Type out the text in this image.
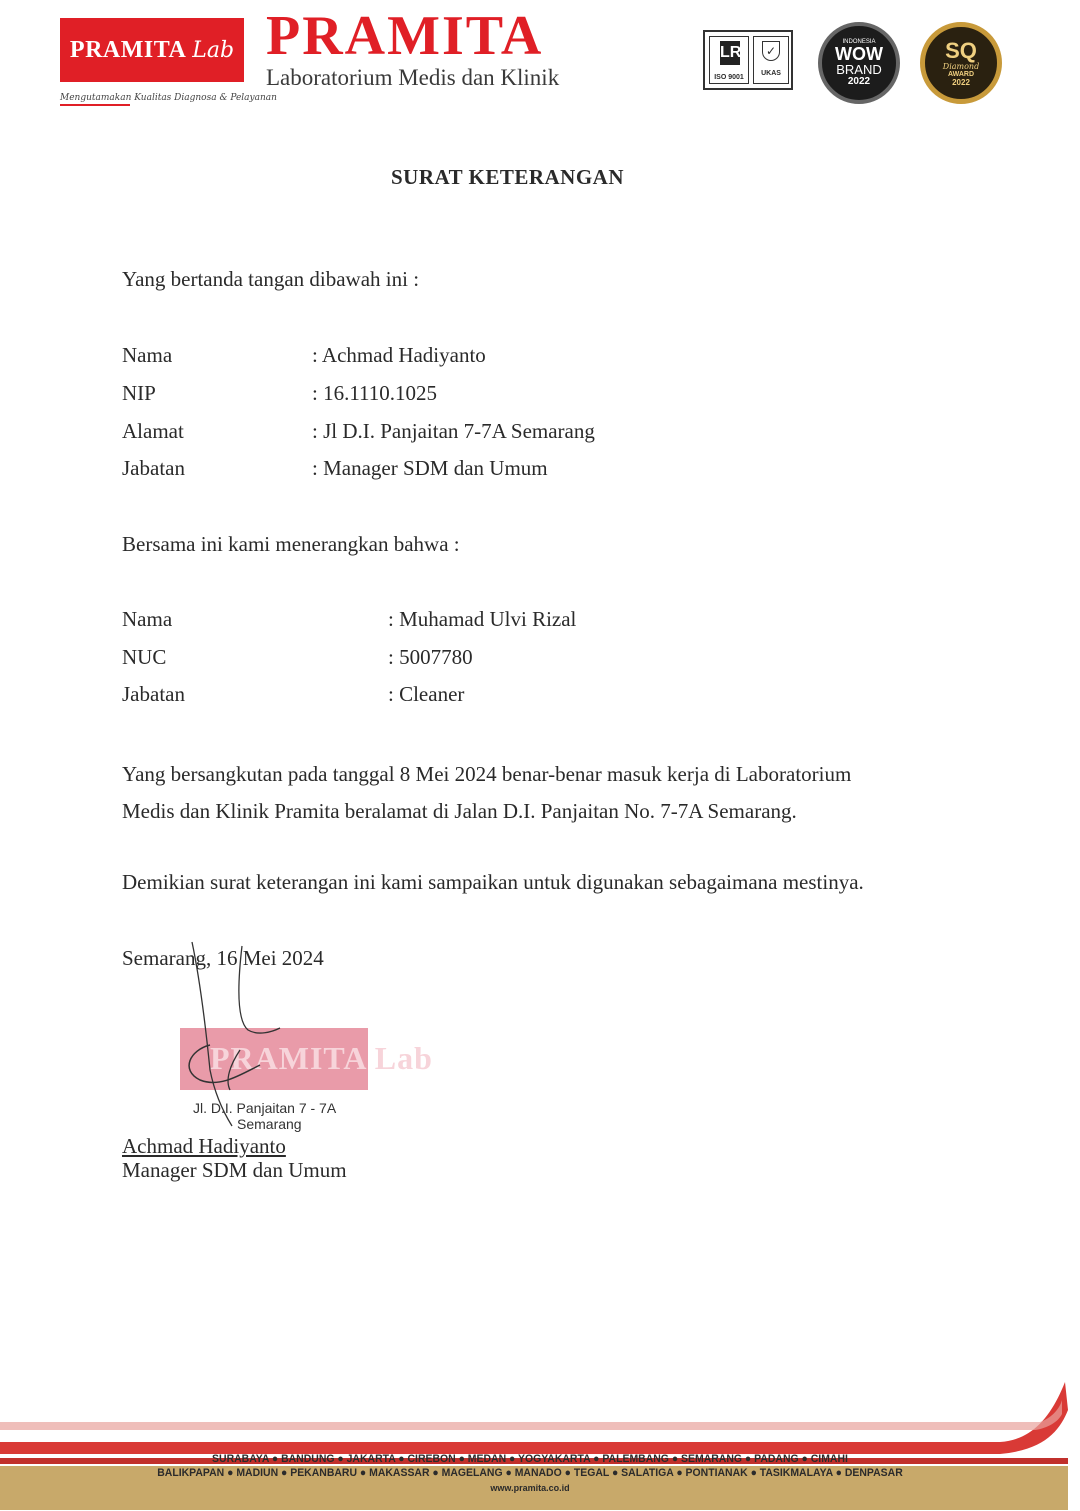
PRAMITA Lab
Mengutamakan Kualitas Diagnosa & Pelayanan
PRAMITA
Laboratorium Medis dan Klinik
LR
ISO 9001
✓
UKAS
INDONESIA
WOW
BRAND
2022
SQ
Diamond
AWARD
2022
SURAT KETERANGAN
Yang bertanda tangan dibawah ini :
Nama	: Achmad Hadiyanto
NIP	: 16.1110.1025
Alamat	: Jl D.I. Panjaitan 7-7A Semarang
Jabatan	: Manager SDM dan Umum
Bersama ini kami menerangkan bahwa :
Nama	: Muhamad Ulvi Rizal
NUC	: 5007780
Jabatan	: Cleaner
Yang bersangkutan pada tanggal 8 Mei 2024 benar-benar masuk kerja di Laboratorium
Medis dan Klinik Pramita beralamat di Jalan D.I. Panjaitan No. 7-7A Semarang.
Demikian surat keterangan ini kami sampaikan untuk digunakan sebagaimana mestinya.
Semarang, 16 Mei 2024
PRAMITA Lab
Jl. D.I. Panjaitan 7 - 7A
Semarang
Achmad Hadiyanto
Manager SDM dan Umum
SURABAYA ● BANDUNG ● JAKARTA ● CIREBON ● MEDAN ● YOGYAKARTA ● PALEMBANG ● SEMARANG ● PADANG ● CIMAHI
BALIKPAPAN ● MADIUN ● PEKANBARU ● MAKASSAR ● MAGELANG ● MANADO ● TEGAL ● SALATIGA ● PONTIANAK ● TASIKMALAYA ● DENPASAR
www.pramita.co.id
